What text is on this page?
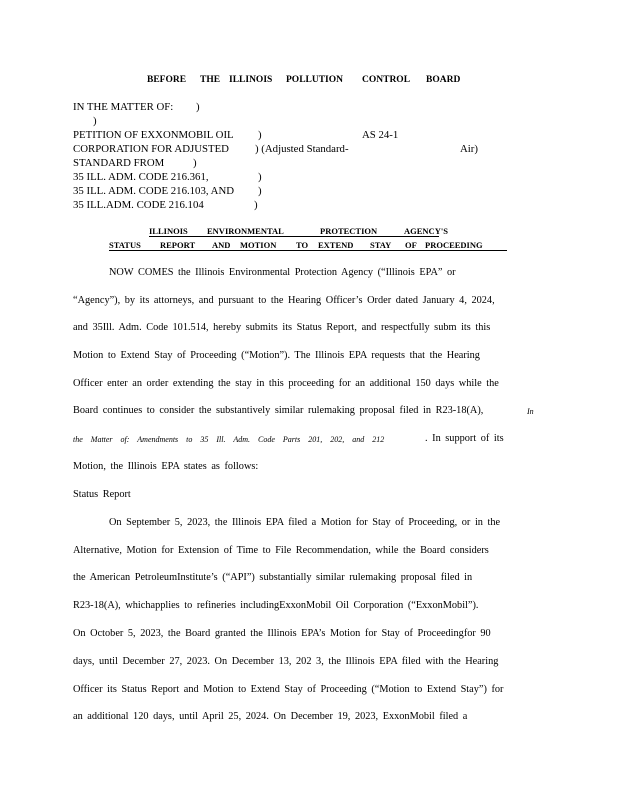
BEFORE THE ILLINOIS POLLUTION CONTROL BOARD
IN THE MATTER OF: )
)
PETITION OF EXXONMOBIL OIL )	AS 24-1
CORPORATION FOR ADJUSTED ) (Adjusted Standard-	Air)
STANDARD FROM	)
35 ILL. ADM. CODE 216.361,	)
35 ILL. ADM. CODE 216.103, AND )
35 ILL.ADM. CODE 216.104	)
ILLINOIS ENVIRONMENTAL	PROTECTION	AGENCY'S
STATUS REPORT AND MOTION TO EXTEND STAY OF PROCEEDING
NOW COMES the Illinois Environmental Protection Agency (“Illinois EPA” or
“Agency”), by its attorneys, and pursuant to the Hearing Officer’s Order dated January 4, 2024,
and 35Ill. Adm. Code 101.514, hereby submits its Status Report, and respectfully subm its this
Motion to Extend Stay of Proceeding (“Motion”). The Illinois EPA requests that the Hearing
Officer enter an order extending the stay in this proceeding for an additional 150 days while the
Board continues to consider the substantively similar rulemaking proposal filed in R23-18(A),	In
the Matter of: Amendments to 35 Ill. Adm. Code Parts 201, 202, and 212	. In support of its
Motion, the Illinois EPA states as follows:
Status Report
On September 5, 2023, the Illinois EPA filed a Motion for Stay of Proceeding, or in the
Alternative, Motion for Extension of Time to File Recommendation, while the Board considers
the American PetroleumInstitute’s (“API”) substantially similar rulemaking proposal filed in
R23-18(A), whichapplies to refineries includingExxonMobil Oil Corporation (“ExxonMobil”).
On October 5, 2023, the Board granted the Illinois EPA’s Motion for Stay of Proceedingfor 90
days, until December 27, 2023. On December 13, 202 3, the Illinois EPA filed with the Hearing
Officer its Status Report and Motion to Extend Stay of Proceeding (“Motion to Extend Stay”) for
an additional 120 days, until April 25, 2024. On December 19, 2023, ExxonMobil filed a
